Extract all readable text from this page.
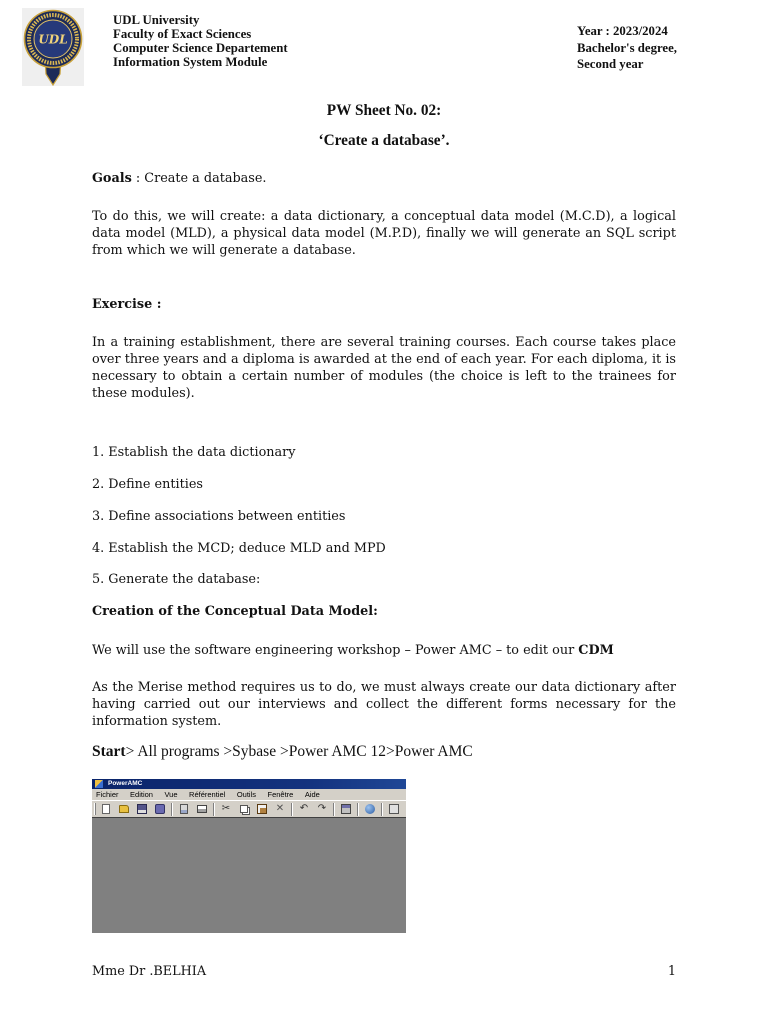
UDL
UDL University
Faculty of Exact Sciences
Computer Science Departement
Information System Module
Year : 2023/2024
Bachelor's degree,
Second year
PW Sheet No. 02:
‘Create a database’.
Goals : Create a database.
To do this, we will create: a data dictionary, a conceptual data model (M.C.D), a logical
data model (MLD), a physical data model (M.P.D), finally we will generate an SQL script
from which we will generate a database.
Exercise :
In a training establishment, there are several training courses. Each course takes place
over three years and a diploma is awarded at the end of each year. For each diploma, it is
necessary to obtain a certain number of modules (the choice is left to the trainees for
these modules).
1. Establish the data dictionary
2. Define entities
3. Define associations between entities
4. Establish the MCD; deduce MLD and MPD
5. Generate the database:
Creation of the Conceptual Data Model:
We will use the software engineering workshop – Power AMC – to edit our CDM
As the Merise method requires us to do, we must always create our data dictionary after
having carried out our interviews and collect the different forms necessary for the
information system.
Start> All programs >Sybase >Power AMC 12>Power AMC
PowerAMC
Fichier Edition Vue Référentiel Outils Fenêtre Aide
✂
✕
↶
↷
Mme Dr .BELHIA	1
